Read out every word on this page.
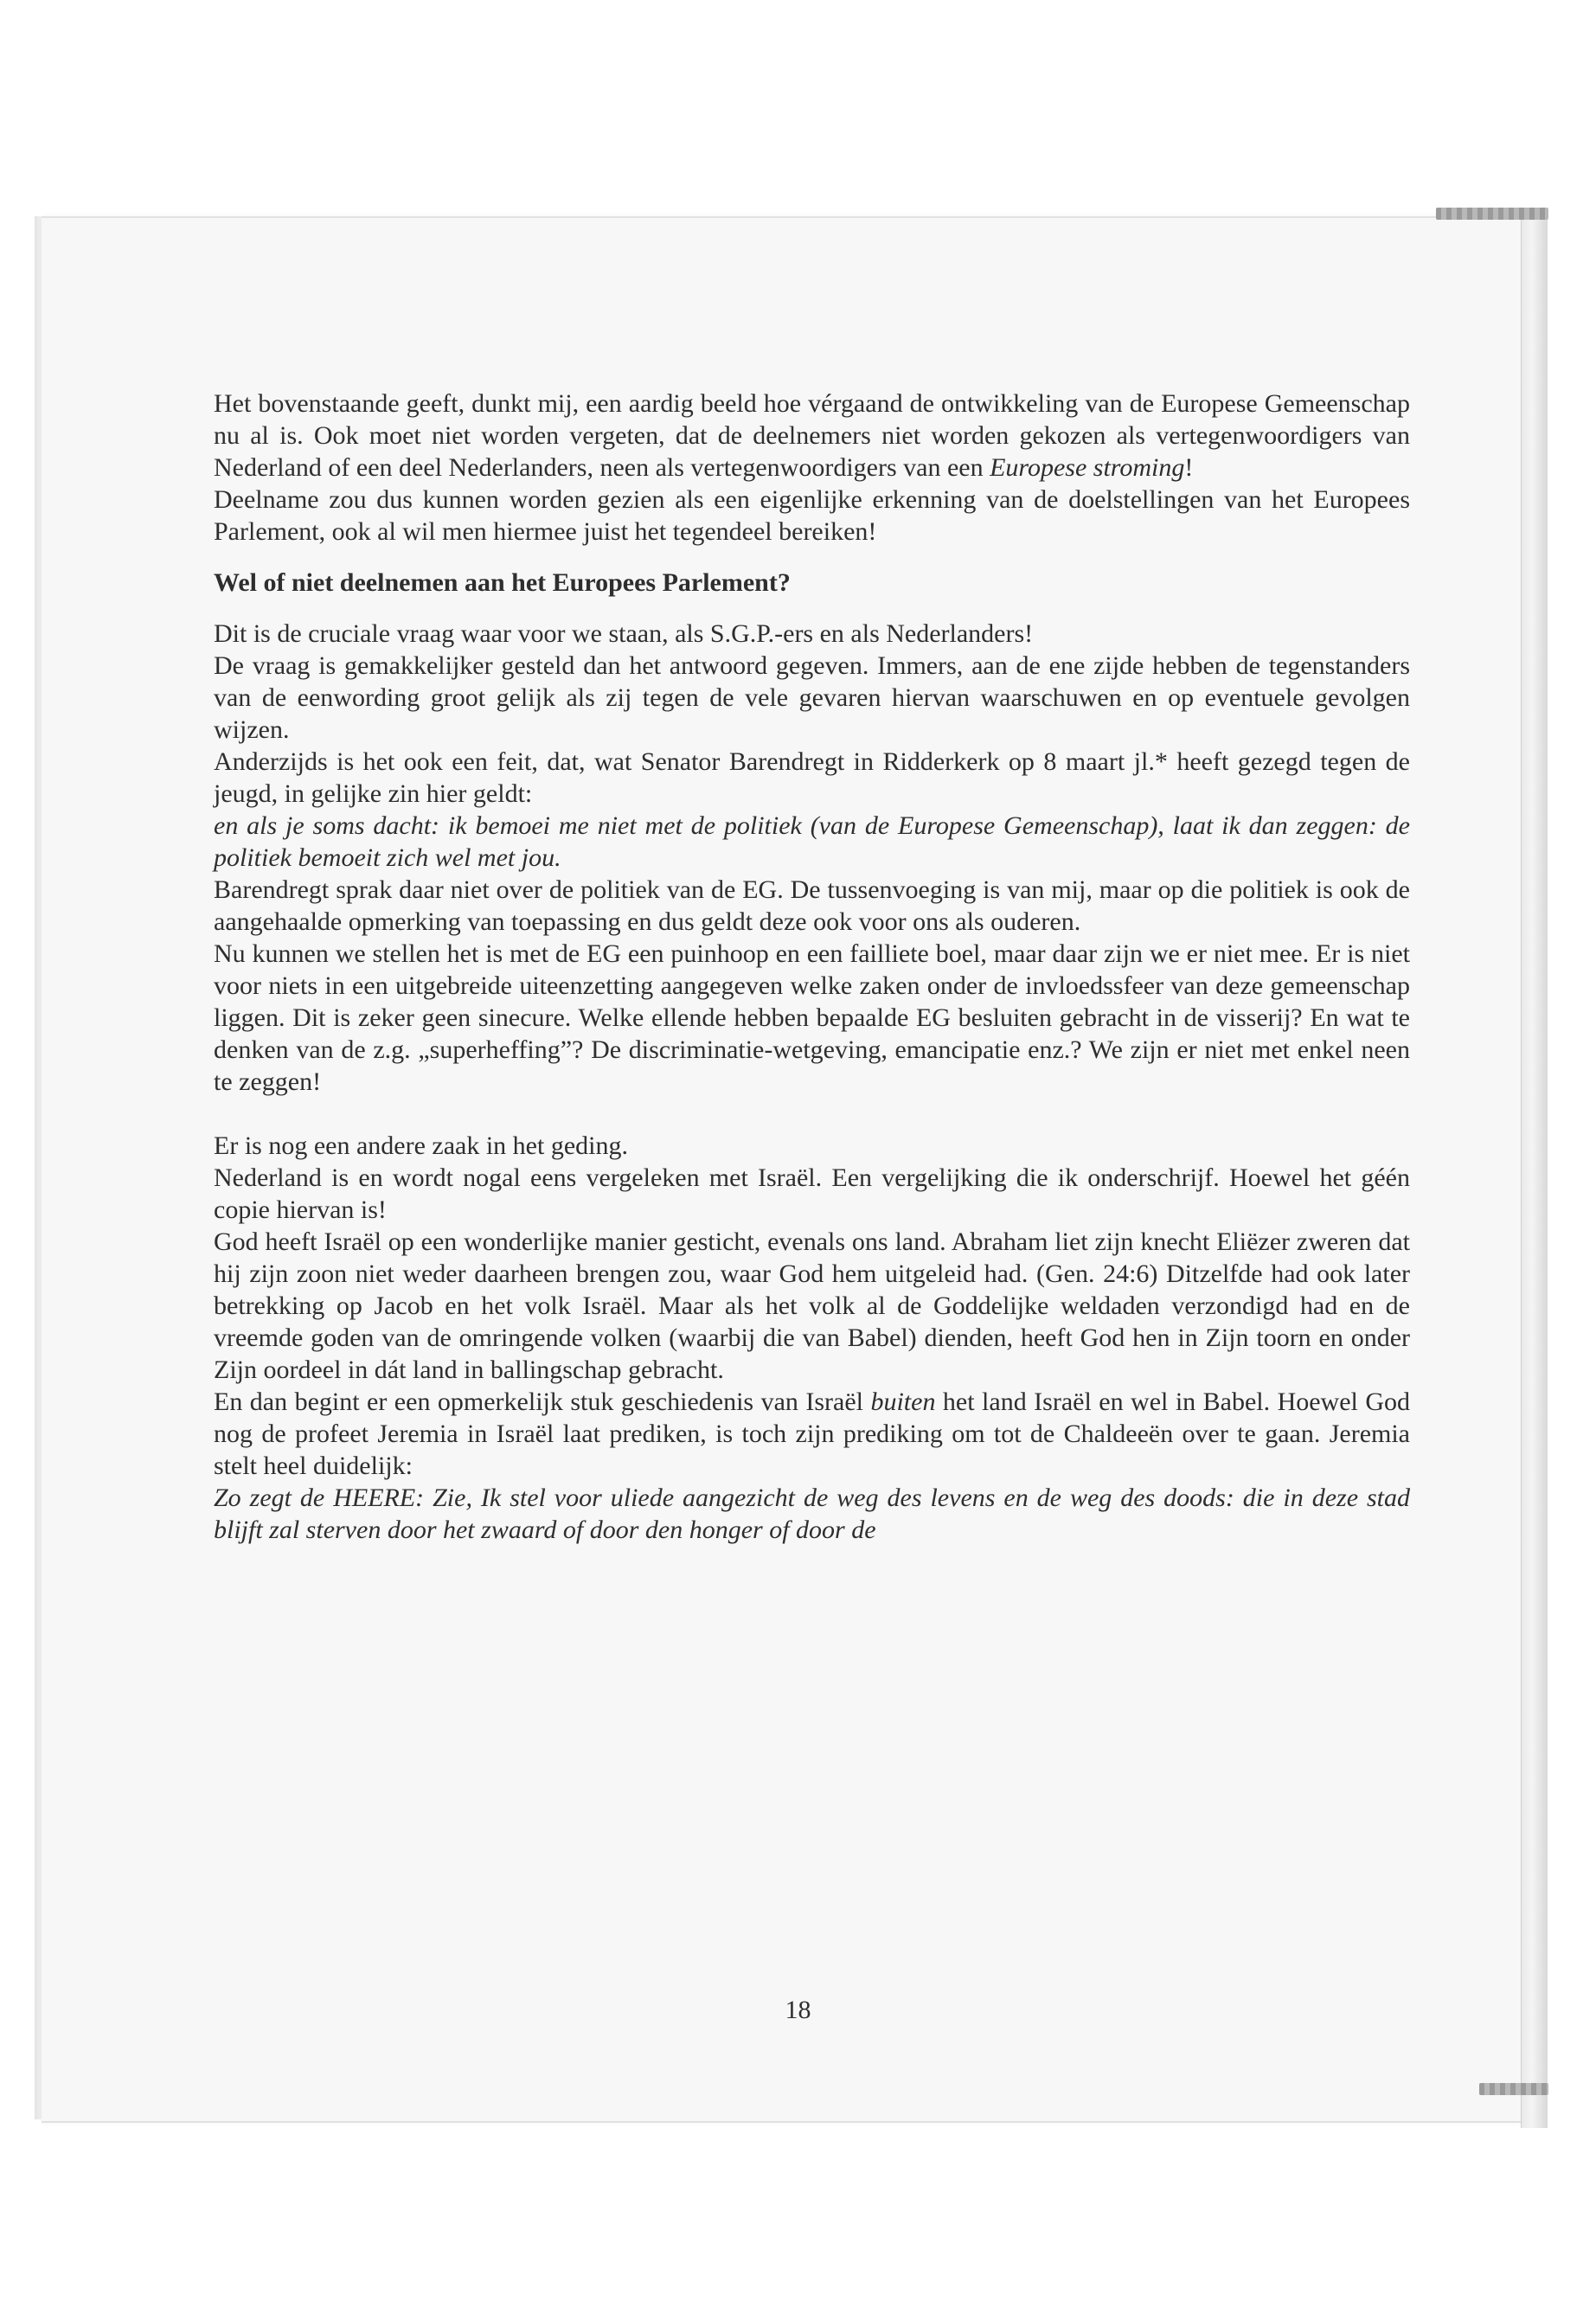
Het bovenstaande geeft, dunkt mij, een aardig beeld hoe vérgaand de ontwikkeling van de Europese Gemeenschap nu al is. Ook moet niet worden vergeten, dat de deelnemers niet worden gekozen als vertegenwoordigers van Nederland of een deel Nederlanders, neen als vertegenwoordigers van een Europese stroming!

Deelname zou dus kunnen worden gezien als een eigenlijke erkenning van de doelstellingen van het Europees Parlement, ook al wil men hiermee juist het tegendeel bereiken!

Wel of niet deelnemen aan het Europees Parlement?

Dit is de cruciale vraag waar voor we staan, als S.G.P.-ers en als Nederlanders!

De vraag is gemakkelijker gesteld dan het antwoord gegeven. Immers, aan de ene zijde hebben de tegenstanders van de eenwording groot gelijk als zij tegen de vele gevaren hiervan waarschuwen en op eventuele gevolgen wijzen.

Anderzijds is het ook een feit, dat, wat Senator Barendregt in Ridderkerk op 8 maart jl.* heeft gezegd tegen de jeugd, in gelijke zin hier geldt:

en als je soms dacht: ik bemoei me niet met de politiek (van de Europese Gemeenschap), laat ik dan zeggen: de politiek bemoeit zich wel met jou.

Barendregt sprak daar niet over de politiek van de EG. De tussenvoeging is van mij, maar op die politiek is ook de aangehaalde opmerking van toepassing en dus geldt deze ook voor ons als ouderen.

Nu kunnen we stellen het is met de EG een puinhoop en een failliete boel, maar daar zijn we er niet mee. Er is niet voor niets in een uitgebreide uiteenzetting aangegeven welke zaken onder de invloedssfeer van deze gemeenschap liggen. Dit is zeker geen sinecure. Welke ellende hebben bepaalde EG besluiten gebracht in de visserij? En wat te denken van de z.g. „superheffing”? De discriminatie-wetgeving, emancipatie enz.? We zijn er niet met enkel neen te zeggen!

Er is nog een andere zaak in het geding.

Nederland is en wordt nogal eens vergeleken met Israël. Een vergelijking die ik onderschrijf. Hoewel het géén copie hiervan is!

God heeft Israël op een wonderlijke manier gesticht, evenals ons land. Abraham liet zijn knecht Eliëzer zweren dat hij zijn zoon niet weder daarheen brengen zou, waar God hem uitgeleid had. (Gen. 24:6) Ditzelfde had ook later betrekking op Jacob en het volk Israël. Maar als het volk al de Goddelijke weldaden verzondigd had en de vreemde goden van de omringende volken (waarbij die van Babel) dienden, heeft God hen in Zijn toorn en onder Zijn oordeel in dát land in ballingschap gebracht.

En dan begint er een opmerkelijk stuk geschiedenis van Israël buiten het land Israël en wel in Babel. Hoewel God nog de profeet Jeremia in Israël laat prediken, is toch zijn prediking om tot de Chaldeeën over te gaan. Jeremia stelt heel duidelijk:

Zo zegt de HEERE: Zie, Ik stel voor uliede aangezicht de weg des levens en de weg des doods: die in deze stad blijft zal sterven door het zwaard of door den honger of door de

18
